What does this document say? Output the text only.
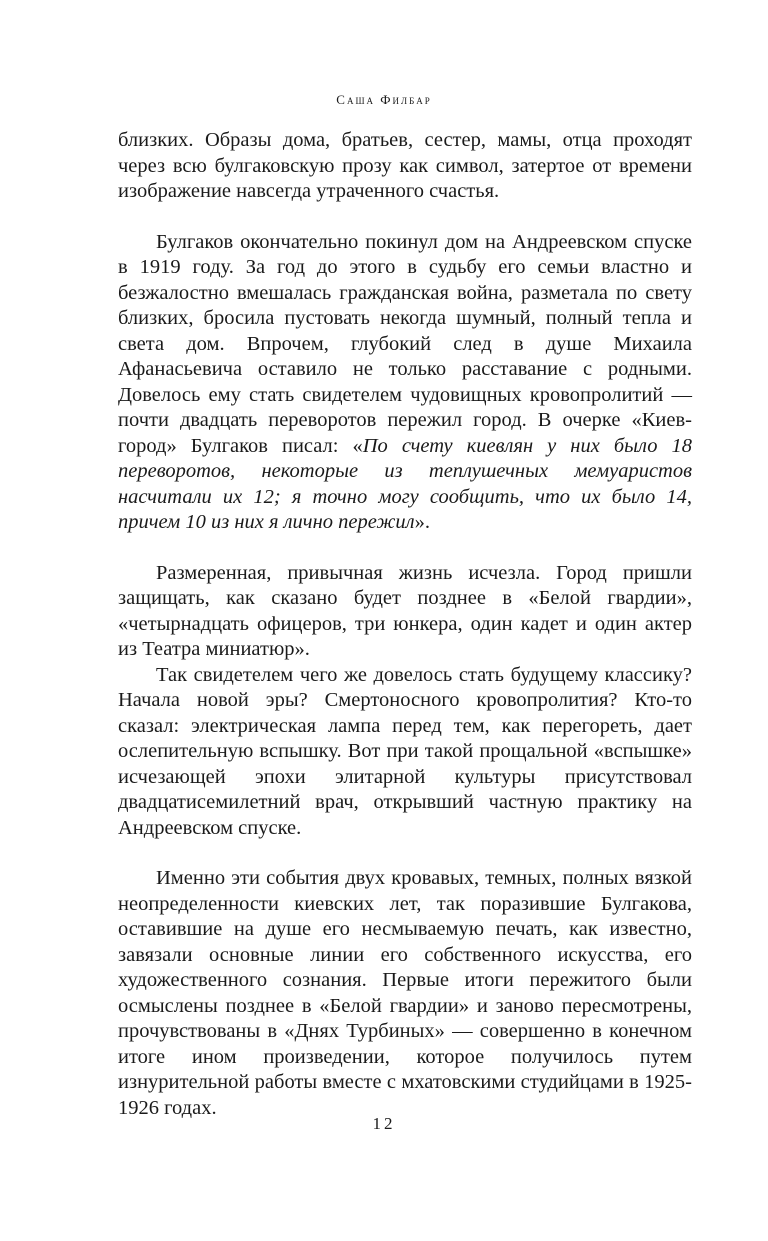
Саша Филбар

близких. Образы дома, братьев, сестер, мамы, отца проходят через всю булгаковскую прозу как символ, затертое от времени изображение навсегда утраченного счастья.

Булгаков окончательно покинул дом на Андреевском спуске в 1919 году. За год до этого в судьбу его семьи властно и безжалостно вмешалась гражданская война, разметала по свету близких, бросила пустовать некогда шумный, полный тепла и света дом. Впрочем, глубокий след в душе Михаила Афанасьевича оставило не только расставание с родными. Довелось ему стать свидетелем чудовищных кровопролитий — почти двадцать переворотов пережил город. В очерке «Киев-город» Булгаков писал: «По счету киевлян у них было 18 переворотов, некоторые из теплушечных мемуаристов насчитали их 12; я точно могу сообщить, что их было 14, причем 10 из них я лично пережил».

Размеренная, привычная жизнь исчезла. Город пришли защищать, как сказано будет позднее в «Белой гвардии», «четырнадцать офицеров, три юнкера, один кадет и один актер из Театра миниатюр».

Так свидетелем чего же довелось стать будущему классику? Начала новой эры? Смертоносного кровопролития? Кто-то сказал: электрическая лампа перед тем, как перегореть, дает ослепительную вспышку. Вот при такой прощальной «вспышке» исчезающей эпохи элитарной культуры присутствовал двадцатисемилетний врач, открывший частную практику на Андреевском спуске.

Именно эти события двух кровавых, темных, полных вязкой неопределенности киевских лет, так поразившие Булгакова, оставившие на душе его несмываемую печать, как известно, завязали основные линии его собственного искусства, его художественного сознания. Первые итоги пережитого были осмыслены позднее в «Белой гвардии» и заново пересмотрены, прочувствованы в «Днях Турбиных» — совершенно в конечном итоге ином произведении, которое получилось путем изнурительной работы вместе с мхатовскими студийцами в 1925-1926 годах.

12
